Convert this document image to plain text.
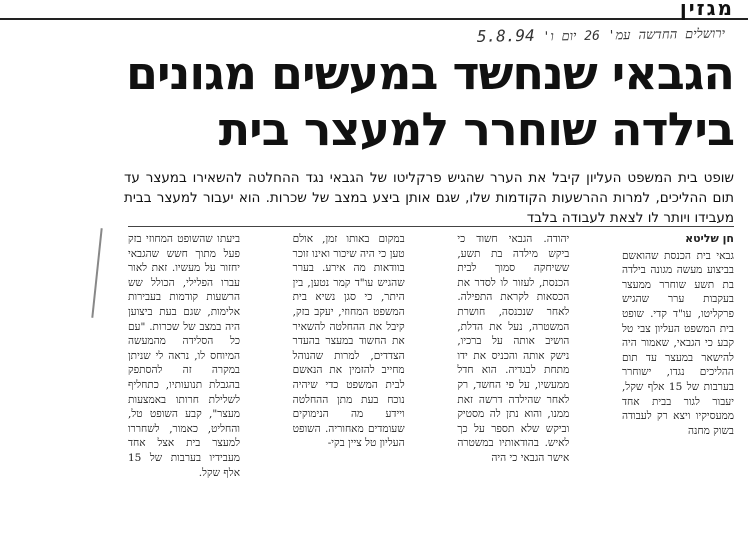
מגזין
ירושלים החדשה עמ' 26 יום ו' 5.8.94
הגבאי שנחשד במעשים מגונים
בילדה שוחרר למעצר בית
שופט בית המשפט העליון קיבל את הערר שהגיש פרקליטו של הגבאי נגד ההחלטה להשאירו במעצר עד תום ההליכים, למרות ההרשעות הקודמות שלו, שגם אותן ביצע במצב של שכרות. הוא יעבור למעצר בבית מעבידו ויותר לו לצאת לעבודה בלבד
חן שליטא
גבאי בית הכנסת שהואשם בביצוע מעשה מגונה בילדה בת תשע שוחרר ממעצר בעקבות ערר שהגיש פרקליטו, עו"ד קדי. שופט בית המשפט העליון צבי טל קבע כי הגבאי, שאמור היה להישאר במעצר עד תום ההליכים נגדו, ישוחרר בערבות של 15 אלף שקל, יעבור לגור בבית אחד ממעסיקיו ויצא רק לעבודה בשוק מחנה
יהודה. הגבאי חשוד כי ביקש מילדה בת תשע, ששיחקה סמוך לבית הכנסת, לעזור לו לסדר את הכסאות לקראת התפילה. לאחר שנכנסה, חושרת המשטרה, נעל את הדלת, הושיב אותה על ברכיו, נישק אותה והכניס את ידו מתחת לבגדיה. הוא חדל ממעשיו, על פי החשד, רק לאחר שהילדה דרשה זאת ממנו, והוא נתן לה מסטיק וביקש שלא תספר על כך לאיש. בהודאותיו במשטרה אישר הגבאי כי היה
במקום באותו זמן, אולם טען כי היה שיכור ואינו זוכר בוודאות מה אירע. בערר שהגיש עו"ד קמר נטען, בין היתר, כי סגן נשיא בית המשפט המחוזי, יעקב בזק, קיבל את ההחלטה להשאיר את החשוד במעצר בהעדר הצדדים, למרות שהנוהל מחייב להזמין את הנאשם לבית המשפט כדי שיהיה נוכח בעת מתן ההחלטה ויידע מה הנימוקים שעומדים מאחוריה. השופט העליון טל ציין בקי-
ביעתו שהשופט המחוזי בזק פעל מתוך חשש שהגבאי יחזור על מעשיו. זאת לאור עברו הפלילי, הכולל שש הרשעות קודמות בעבירות אלימות, שגם בעת ביצוען היה במצב של שכרות. "עם כל הסלידה מהמעשה המיוחס לו, נראה לי שניתן במקרה זה להסתפק בהגבלת תנועותיו, כתחליף לשלילת חרותו באמצעות מעצר", קבע השופט טל, והחליט, כאמור, לשחררו למעצר בית אצל אחד מעבידיו בערבות של 15 אלף שקל.
